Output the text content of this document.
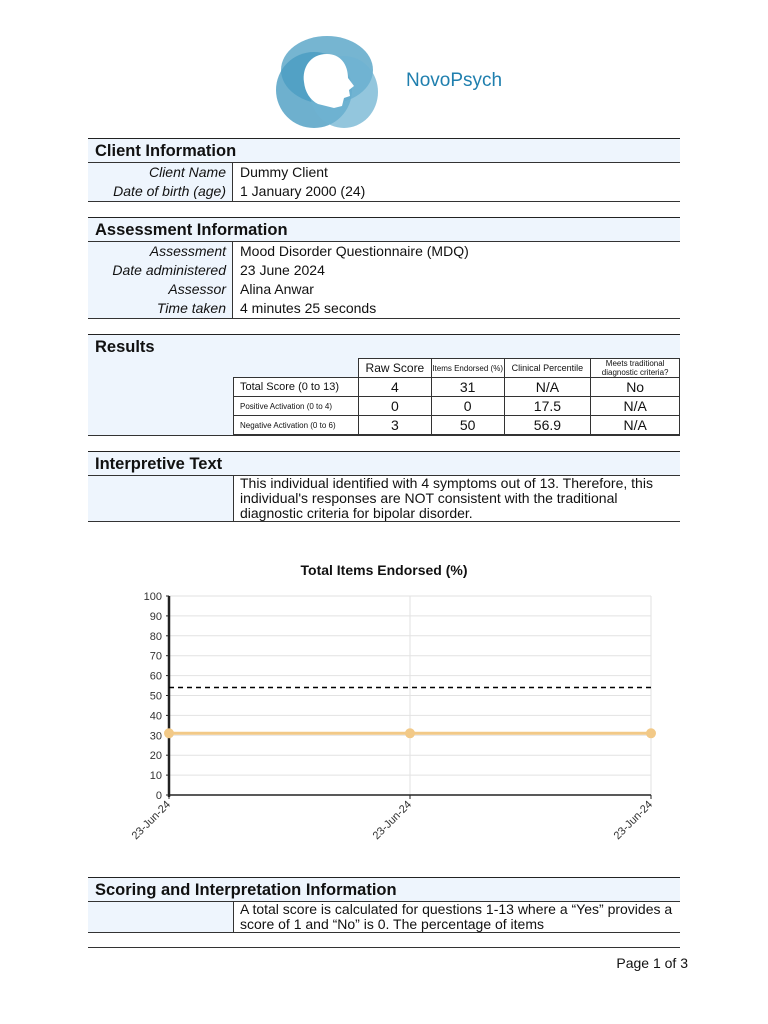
NovoPsych
Client Information
Client Name	Dummy Client
Date of birth (age)	1 January 2000 (24)
Assessment Information
Assessment	Mood Disorder Questionnaire (MDQ)
Date administered	23 June 2024
Assessor	Alina Anwar
Time taken	4 minutes 25 seconds
Results
	Raw Score	Items Endorsed (%)	Clinical Percentile	Meets traditional diagnostic criteria?
Total Score (0 to 13)	4	31	N/A	No
Positive Activation (0 to 4)	0	0	17.5	N/A
Negative Activation (0 to 6)	3	50	56.9	N/A
Interpretive Text
This individual identified with 4 symptoms out of 13. Therefore, this individual's responses are NOT consistent with the traditional diagnostic criteria for bipolar disorder.
Total Items Endorsed (%)
0
10
20
30
40
50
60
70
80
90
100
23-Jun-24	23-Jun-24	23-Jun-24
Scoring and Interpretation Information
A total score is calculated for questions 1-13 where a “Yes” provides a score of 1 and “No” is 0. The percentage of items
Page 1 of 3
